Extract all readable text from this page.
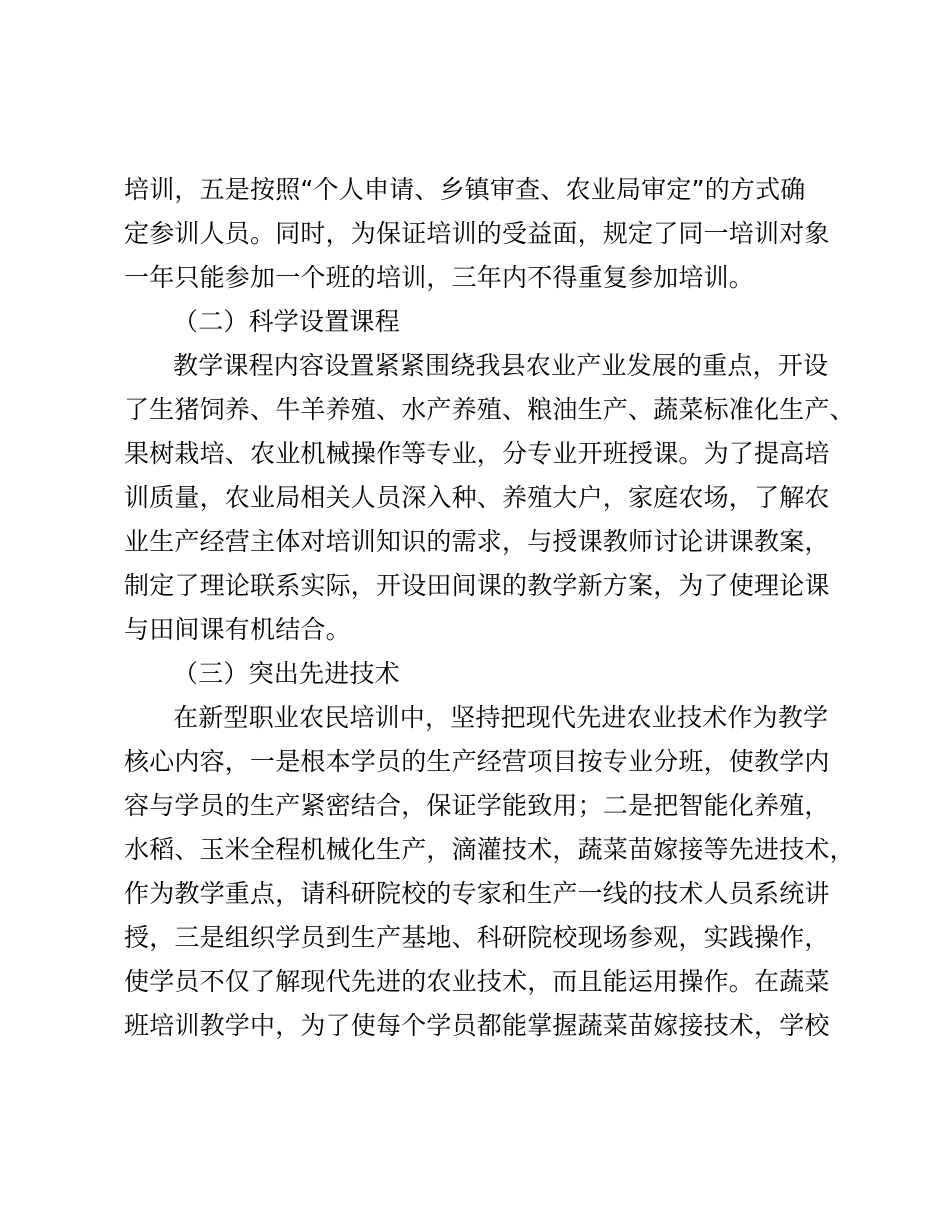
培训，五是按照“个人申请、乡镇审查、农业局审定”的方式确
定参训人员。同时，为保证培训的受益面，规定了同一培训对象
一年只能参加一个班的培训，三年内不得重复参加培训。
（二）科学设置课程
教学课程内容设置紧紧围绕我县农业产业发展的重点，开设
了生猪饲养、牛羊养殖、水产养殖、粮油生产、蔬菜标准化生产、
果树栽培、农业机械操作等专业，分专业开班授课。为了提高培
训质量，农业局相关人员深入种、养殖大户，家庭农场，了解农
业生产经营主体对培训知识的需求，与授课教师讨论讲课教案，
制定了理论联系实际，开设田间课的教学新方案，为了使理论课
与田间课有机结合。
（三）突出先进技术
在新型职业农民培训中，坚持把现代先进农业技术作为教学
核心内容，一是根本学员的生产经营项目按专业分班，使教学内
容与学员的生产紧密结合，保证学能致用；二是把智能化养殖，
水稻、玉米全程机械化生产，滴灌技术，蔬菜苗嫁接等先进技术，
作为教学重点，请科研院校的专家和生产一线的技术人员系统讲
授，三是组织学员到生产基地、科研院校现场参观，实践操作，
使学员不仅了解现代先进的农业技术，而且能运用操作。在蔬菜
班培训教学中，为了使每个学员都能掌握蔬菜苗嫁接技术，学校
